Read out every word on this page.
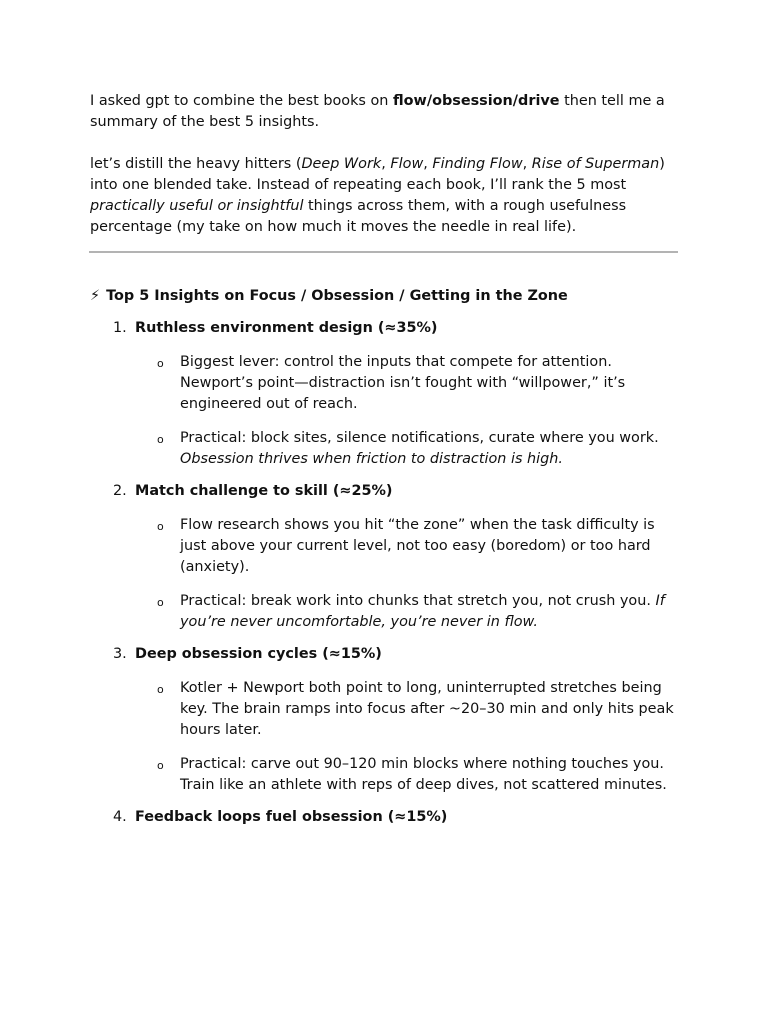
I asked gpt to combine the best books on flow/obsession/drive then tell me a summary of the best 5 insights.

let’s distill the heavy hitters (Deep Work, Flow, Finding Flow, Rise of Superman) into one blended take. Instead of repeating each book, I’ll rank the 5 most practically useful or insightful things across them, with a rough usefulness percentage (my take on how much it moves the needle in real life).

⚡ Top 5 Insights on Focus / Obsession / Getting in the Zone
1. Ruthless environment design (≈35%)
o Biggest lever: control the inputs that compete for attention. Newport’s point—distraction isn’t fought with “willpower,” it’s engineered out of reach.
o Practical: block sites, silence notifications, curate where you work. Obsession thrives when friction to distraction is high.
2. Match challenge to skill (≈25%)
o Flow research shows you hit “the zone” when the task difficulty is just above your current level, not too easy (boredom) or too hard (anxiety).
o Practical: break work into chunks that stretch you, not crush you. If you’re never uncomfortable, you’re never in flow.
3. Deep obsession cycles (≈15%)
o Kotler + Newport both point to long, uninterrupted stretches being key. The brain ramps into focus after ~20–30 min and only hits peak hours later.
o Practical: carve out 90–120 min blocks where nothing touches you. Train like an athlete with reps of deep dives, not scattered minutes.
4. Feedback loops fuel obsession (≈15%)
